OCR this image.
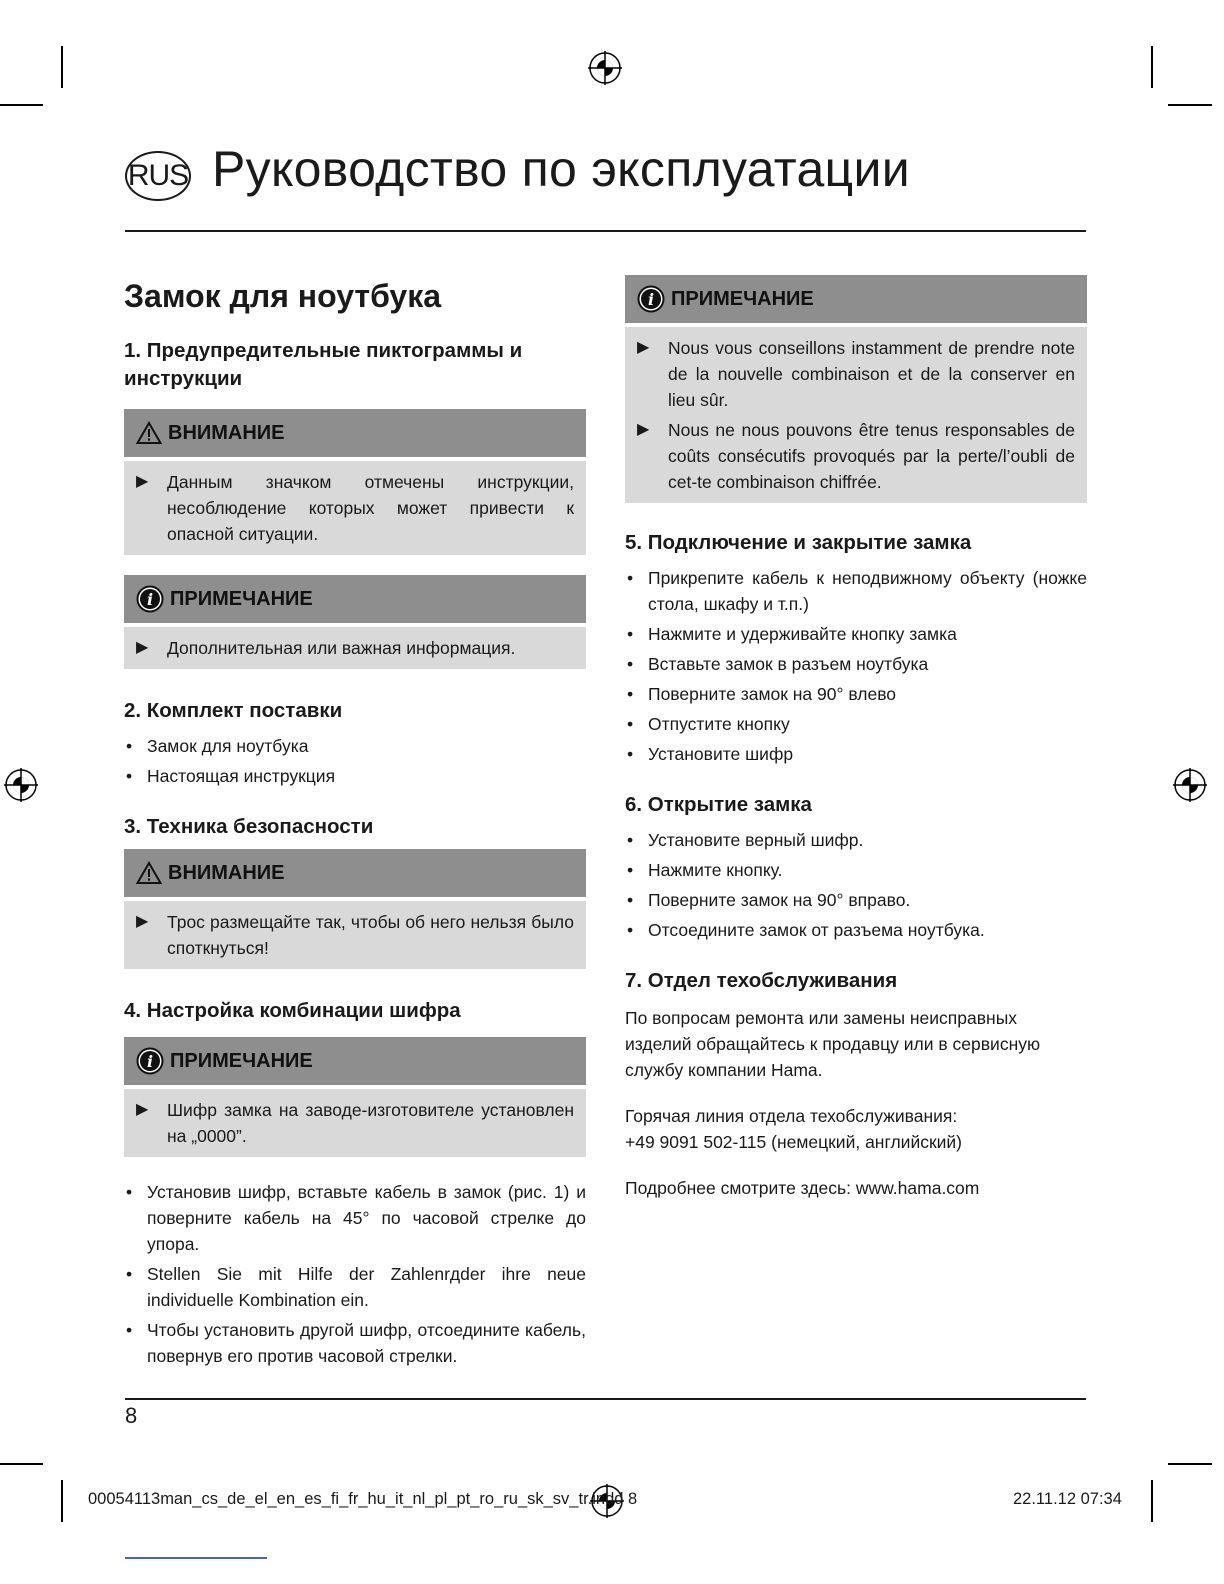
RUS Руководство по эксплуатации
Замок для ноутбука
1. Предупредительные пиктограммы и инструкции
ВНИМАНИЕ
▶	Данным значком отмечены инструкции, несоблюдение которых может привести к опасной ситуации.
i ПРИМЕЧАНИЕ
▶	Дополнительная или важная информация.
2. Комплект поставки
• Замок для ноутбука
• Настоящая инструкция
3. Техника безопасности
ВНИМАНИЕ
▶	Трос размещайте так, чтобы об него нельзя было споткнуться!
4. Настройка комбинации шифра
i ПРИМЕЧАНИЕ
▶	Шифр замка на заводе-изготовителе установлен на „0000”.
• Установив шифр, вставьте кабель в замок (рис. 1) и поверните кабель на 45° по часовой стрелке до упора.
• Stellen Sie mit Hilfe der Zahlenrдder ihre neue individuelle Kombination ein.
• Чтобы установить другой шифр, отсоедините кабель, повернув его против часовой стрелки.
i ПРИМЕЧАНИЕ
▶	Nous vous conseillons instamment de prendre note de la nouvelle combinaison et de la conserver en lieu sûr.
▶	Nous ne nous pouvons être tenus responsables de coûts consécutifs provoqués par la perte/l’oubli de cet-te combinaison chiffrée.
5. Подключение и закрытие замка
• Прикрепите кабель к неподвижному объекту (ножке стола, шкафу и т.п.)
• Нажмите и удерживайте кнопку замка
• Вставьте замок в разъем ноутбука
• Поверните замок на 90° влево
• Отпустите кнопку
• Установите шифр
6. Открытие замка
• Установите верный шифр.
• Нажмите кнопку.
• Поверните замок на 90° вправо.
• Отсоедините замок от разъема ноутбука.
7. Отдел техобслуживания

По вопросам ремонта или замены неисправных изделий обращайтесь к продавцу или в сервисную службу компании Hama.

Горячая линия отдела техобслуживания:
+49 9091 502-115 (немецкий, английский)

Подробнее смотрите здесь: www.hama.com

8
00054113man_cs_de_el_en_es_fi_fr_hu_it_nl_pl_pt_ro_ru_sk_sv_tr.indd 8	22.11.12 07:34
